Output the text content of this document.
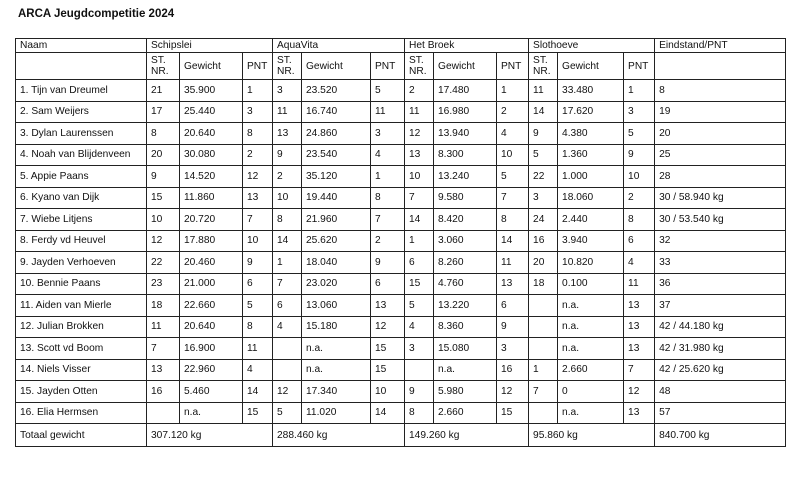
ARCA Jeugdcompetitie 2024
Naam	Schipslei			AquaVita			Het Broek			Slothoeve			Eindstand/PNT
	ST. NR.	Gewicht	PNT	ST. NR.	Gewicht	PNT	ST. NR.	Gewicht	PNT	ST. NR.	Gewicht	PNT	
1. Tijn van Dreumel	21	35.900	1	3	23.520	5	2	17.480	1	11	33.480	1	8
2. Sam Weijers	17	25.440	3	11	16.740	11	11	16.980	2	14	17.620	3	19
3. Dylan Laurenssen	8	20.640	8	13	24.860	3	12	13.940	4	9	4.380	5	20
4. Noah van Blijdenveen	20	30.080	2	9	23.540	4	13	8.300	10	5	1.360	9	25
5. Appie Paans	9	14.520	12	2	35.120	1	10	13.240	5	22	1.000	10	28
6. Kyano van Dijk	15	11.860	13	10	19.440	8	7	9.580	7	3	18.060	2	30 / 58.940 kg
7. Wiebe Litjens	10	20.720	7	8	21.960	7	14	8.420	8	24	2.440	8	30 / 53.540 kg
8. Ferdy vd Heuvel	12	17.880	10	14	25.620	2	1	3.060	14	16	3.940	6	32
9. Jayden Verhoeven	22	20.460	9	1	18.040	9	6	8.260	11	20	10.820	4	33
10. Bennie Paans	23	21.000	6	7	23.020	6	15	4.760	13	18	0.100	11	36
11. Aiden van Mierle	18	22.660	5	6	13.060	13	5	13.220	6		n.a.	13	37
12. Julian Brokken	11	20.640	8	4	15.180	12	4	8.360	9		n.a.	13	42 / 44.180 kg
13. Scott vd Boom	7	16.900	11		n.a.	15	3	15.080	3		n.a.	13	42 / 31.980 kg
14. Niels Visser	13	22.960	4		n.a.	15		n.a.	16	1	2.660	7	42 / 25.620 kg
15. Jayden Otten	16	5.460	14	12	17.340	10	9	5.980	12	7	0	12	48
16. Elia Hermsen		n.a.	15	5	11.020	14	8	2.660	15		n.a.	13	57
Totaal gewicht	307.120 kg			288.460 kg			149.260 kg			95.860 kg			840.700 kg
